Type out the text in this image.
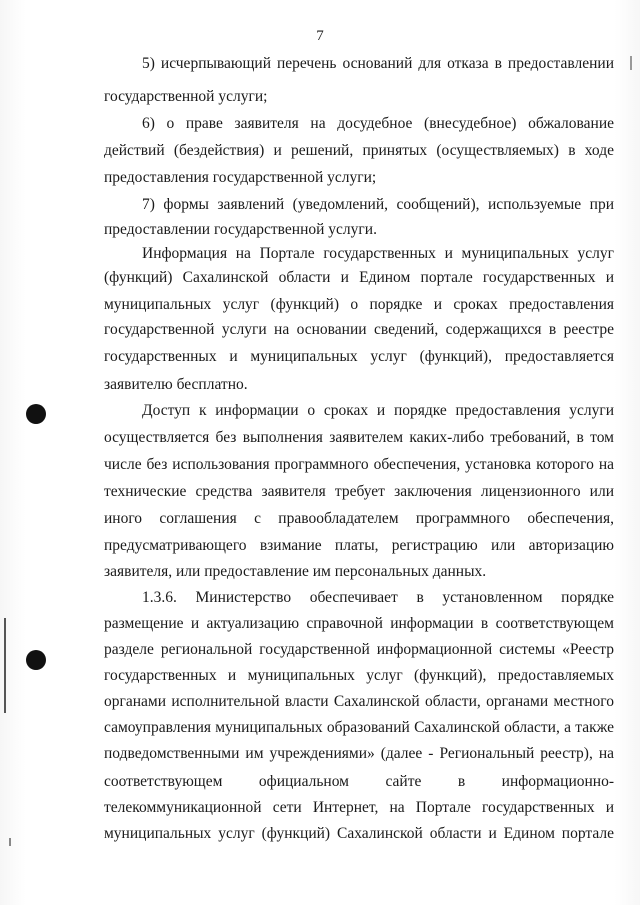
7
5) исчерпывающий перечень оснований для отказа в предоставлении
государственной услуги;
6) о праве заявителя на досудебное (внесудебное) обжалование
действий (бездействия) и решений, принятых (осуществляемых) в ходе
предоставления государственной услуги;
7) формы заявлений (уведомлений, сообщений), используемые при
предоставлении государственной услуги.
Информация на Портале государственных и муниципальных услуг
(функций) Сахалинской области и Едином портале государственных и
муниципальных услуг (функций) о порядке и сроках предоставления
государственной услуги на основании сведений, содержащихся в реестре
государственных и муниципальных услуг (функций), предоставляется
заявителю бесплатно.
Доступ к информации о сроках и порядке предоставления услуги
осуществляется без выполнения заявителем каких-либо требований, в том
числе без использования программного обеспечения, установка которого на
технические средства заявителя требует заключения лицензионного или
иного соглашения с правообладателем программного обеспечения,
предусматривающего взимание платы, регистрацию или авторизацию
заявителя, или предоставление им персональных данных.
1.3.6. Министерство обеспечивает в установленном порядке
размещение и актуализацию справочной информации в соответствующем
разделе региональной государственной информационной системы «Реестр
государственных и муниципальных услуг (функций), предоставляемых
органами исполнительной власти Сахалинской области, органами местного
самоуправления муниципальных образований Сахалинской области, а также
подведомственными им учреждениями» (далее - Региональный реестр), на
соответствующем официальном сайте в информационно-
телекоммуникационной сети Интернет, на Портале государственных и
муниципальных услуг (функций) Сахалинской области и Едином портале
